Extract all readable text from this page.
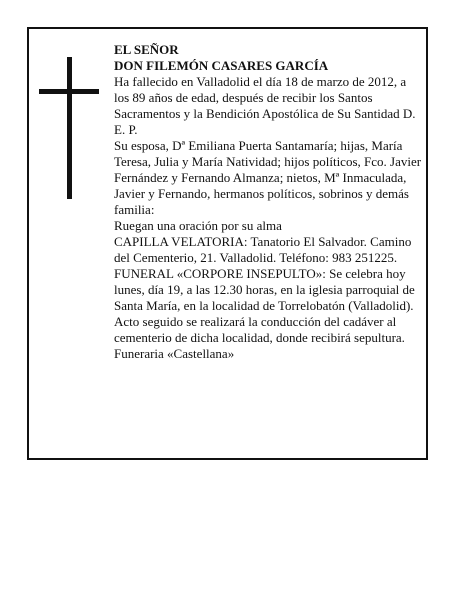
EL SEÑOR

DON FILEMÓN CASARES GARCÍA

Ha fallecido en Valladolid el día 18 de marzo de 2012, a los 89 años de edad, después de recibir los Santos Sacramentos y la Bendición Apostólica de Su Santidad D. E. P.

Su esposa, Dª Emiliana Puerta Santamaría; hijas, María Teresa, Julia y María Natividad; hijos políticos, Fco. Javier Fernández y Fernando Almanza; nietos, Mª Inmaculada, Javier y Fernando, hermanos políticos, sobrinos y demás familia:

Ruegan una oración por su alma

CAPILLA VELATORIA: Tanatorio El Salvador. Camino del Cementerio, 21. Valladolid. Teléfono: 983 251225.

FUNERAL «CORPORE INSEPULTO»: Se celebra hoy lunes, día 19, a las 12.30 horas, en la iglesia parroquial de Santa María, en la localidad de Torrelobatón (Valladolid). Acto seguido se realizará la conducción del cadáver al cementerio de dicha localidad, donde recibirá sepultura.

Funeraria «Castellana»
